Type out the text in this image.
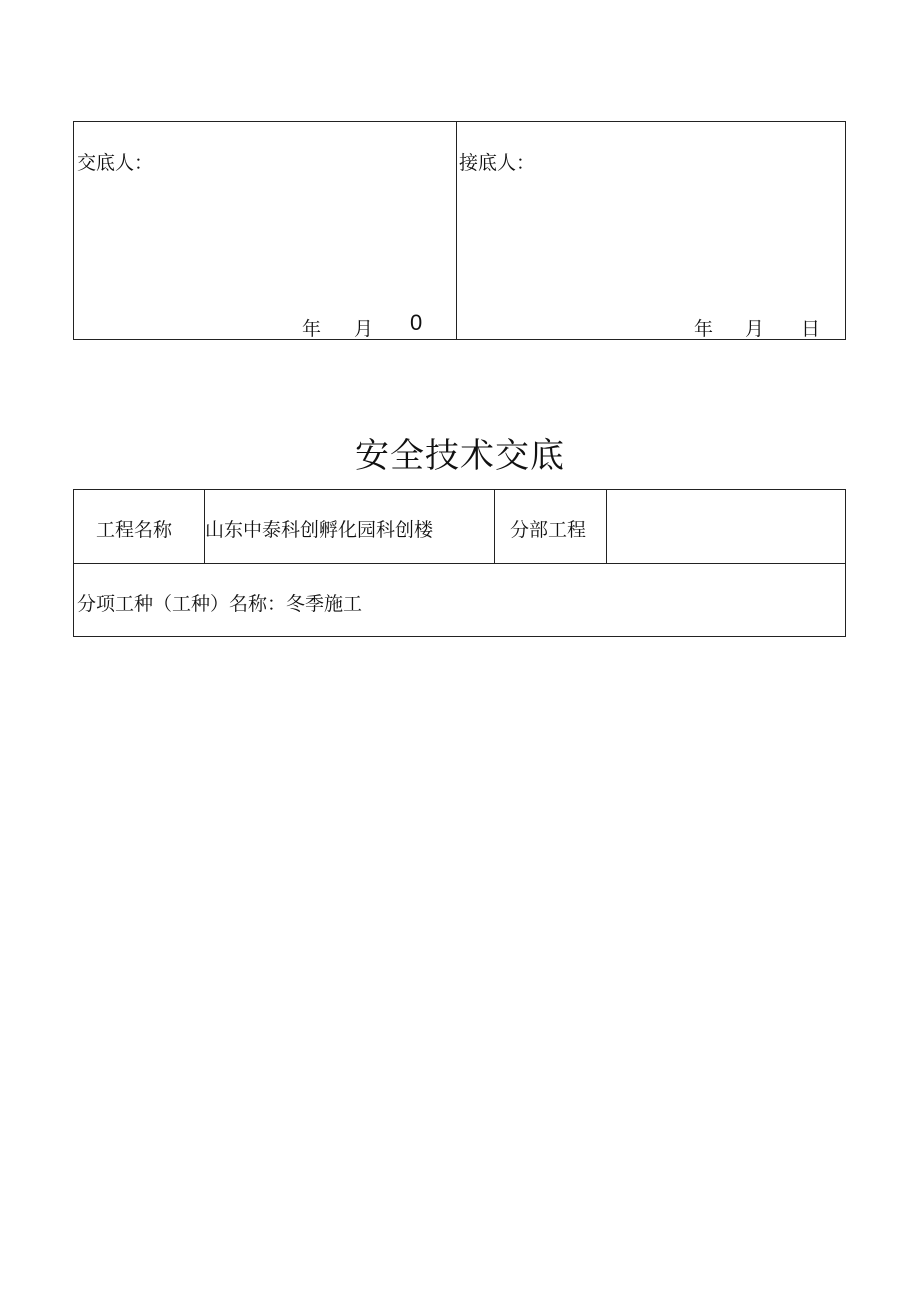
交底人：
年 月 0
接底人：
年 月 日
安全技术交底
工程名称 山东中泰科创孵化园科创楼	分部工程
分项工种（工种）名称：冬季施工
